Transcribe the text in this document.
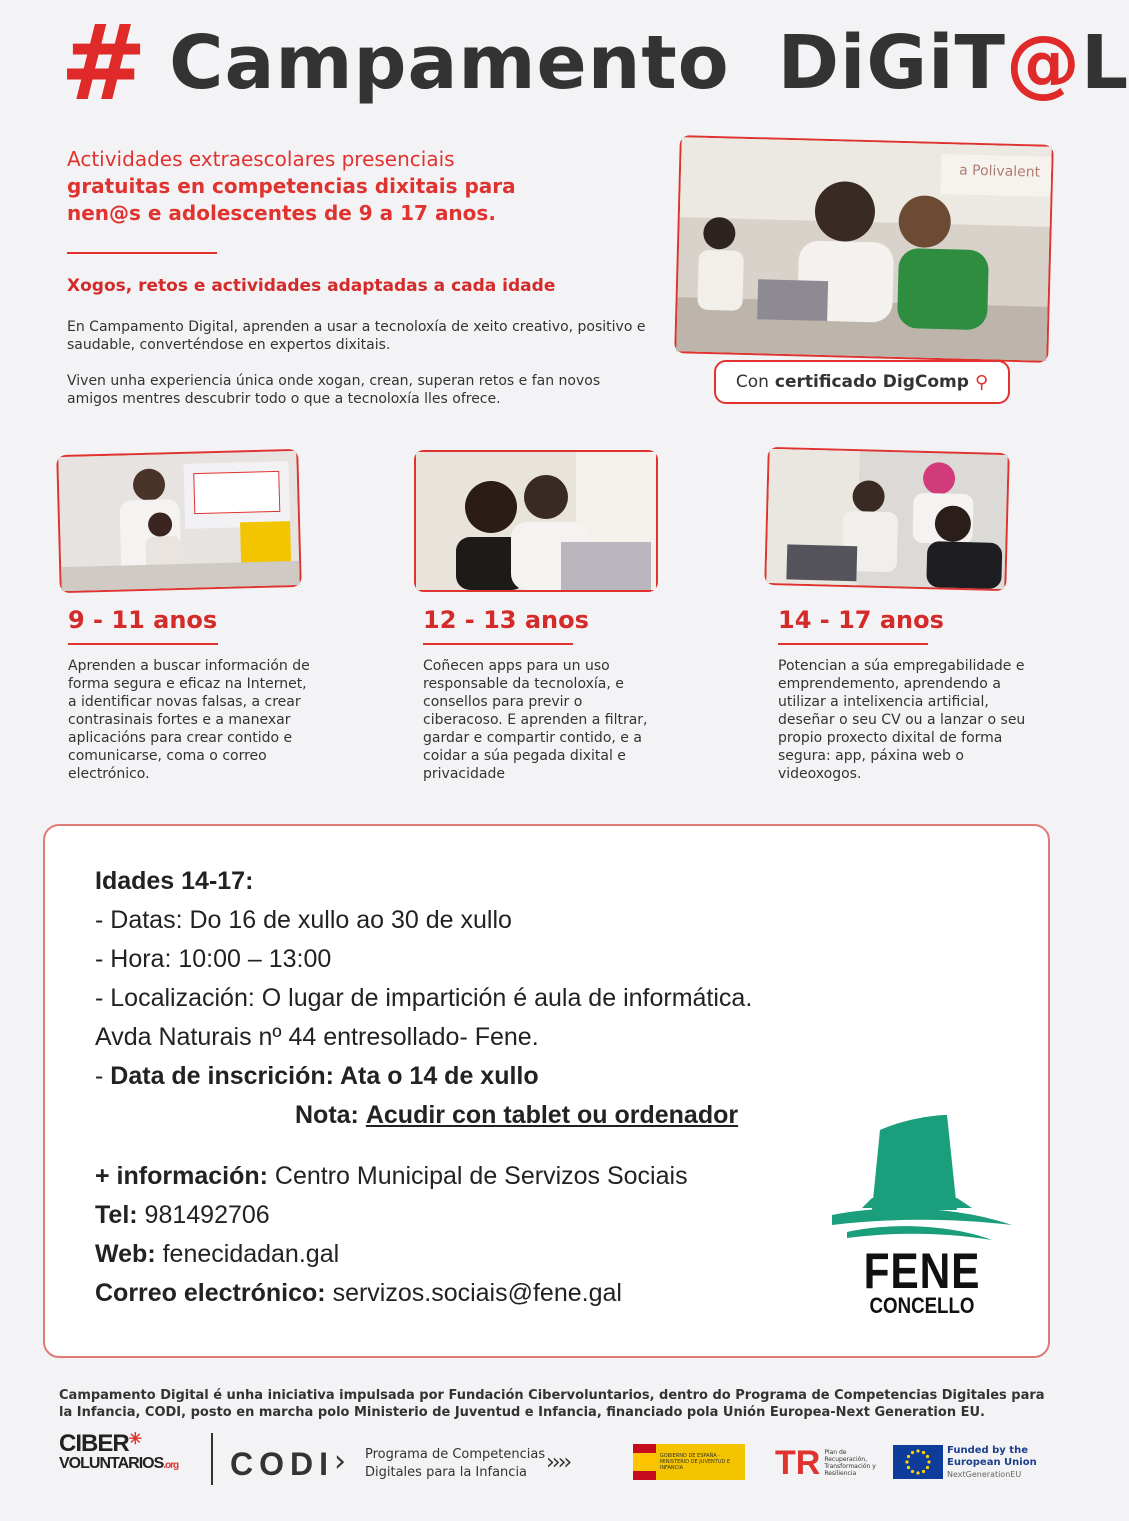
# Campamento DiGiT@L
Actividades extraescolares presenciais
gratuitas en competencias dixitais para
nen@s e adolescentes de 9 a 17 anos.
Xogos, retos e actividades adaptadas a cada idade
En Campamento Digital, aprenden a usar a tecnoloxía de xeito creativo, positivo e saudable, converténdose en expertos dixitais.
Viven unha experiencia única onde xogan, crean, superan retos e fan novos amigos mentres descubrir todo o que a tecnoloxía lles ofrece.
a Polivalent
Con certificado DigComp ⚲
9 - 11 anos
Aprenden a buscar información de forma segura e eficaz na Internet, a identificar novas falsas, a crear contrasinais fortes e a manexar aplicacións para crear contido e comunicarse, coma o correo electrónico.
12 - 13 anos
Coñecen apps para un uso responsable da tecnoloxía, e consellos para previr o ciberacoso. E aprenden a filtrar, gardar e compartir contido, e a coidar a súa pegada dixital e privacidade
14 - 17 anos
Potencian a súa empregabilidade e emprendemento, aprendendo a utilizar a intelixencia artificial, deseñar o seu CV ou a lanzar o seu propio proxecto dixital de forma segura: app, páxina web o videoxogos.
Idades 14-17:
- Datas: Do 16 de xullo ao 30 de xullo
- Hora: 10:00 – 13:00
- Localización: O lugar de impartición é aula de informática.
Avda Naturais nº 44 entresollado- Fene.
- Data de inscrición: Ata o 14 de xullo
Nota: Acudir con tablet ou ordenador
+ información: Centro Municipal de Servizos Sociais
Tel: 981492706
Web: fenecidadan.gal
Correo electrónico: servizos.sociais@fene.gal	FENE
CONCELLO
Campamento Digital é unha iniciativa impulsada por Fundación Cibervoluntarios, dentro do Programa de Competencias Digitales para la Infancia, CODI, posto en marcha polo Ministerio de Juventud e Infancia, financiado pola Unión Europea-Next Generation EU.
CIBER✳
VOLUNTARIOS.org CODI › Programa de Competencias
Digitales para la Infancia ››››	GOBIERNO DE ESPAÑA · MINISTERIO DE JUVENTUD E INFANCIA	TR Plan de Recuperación, Transformación y Resiliencia
Funded by the
European Union
NextGenerationEU
